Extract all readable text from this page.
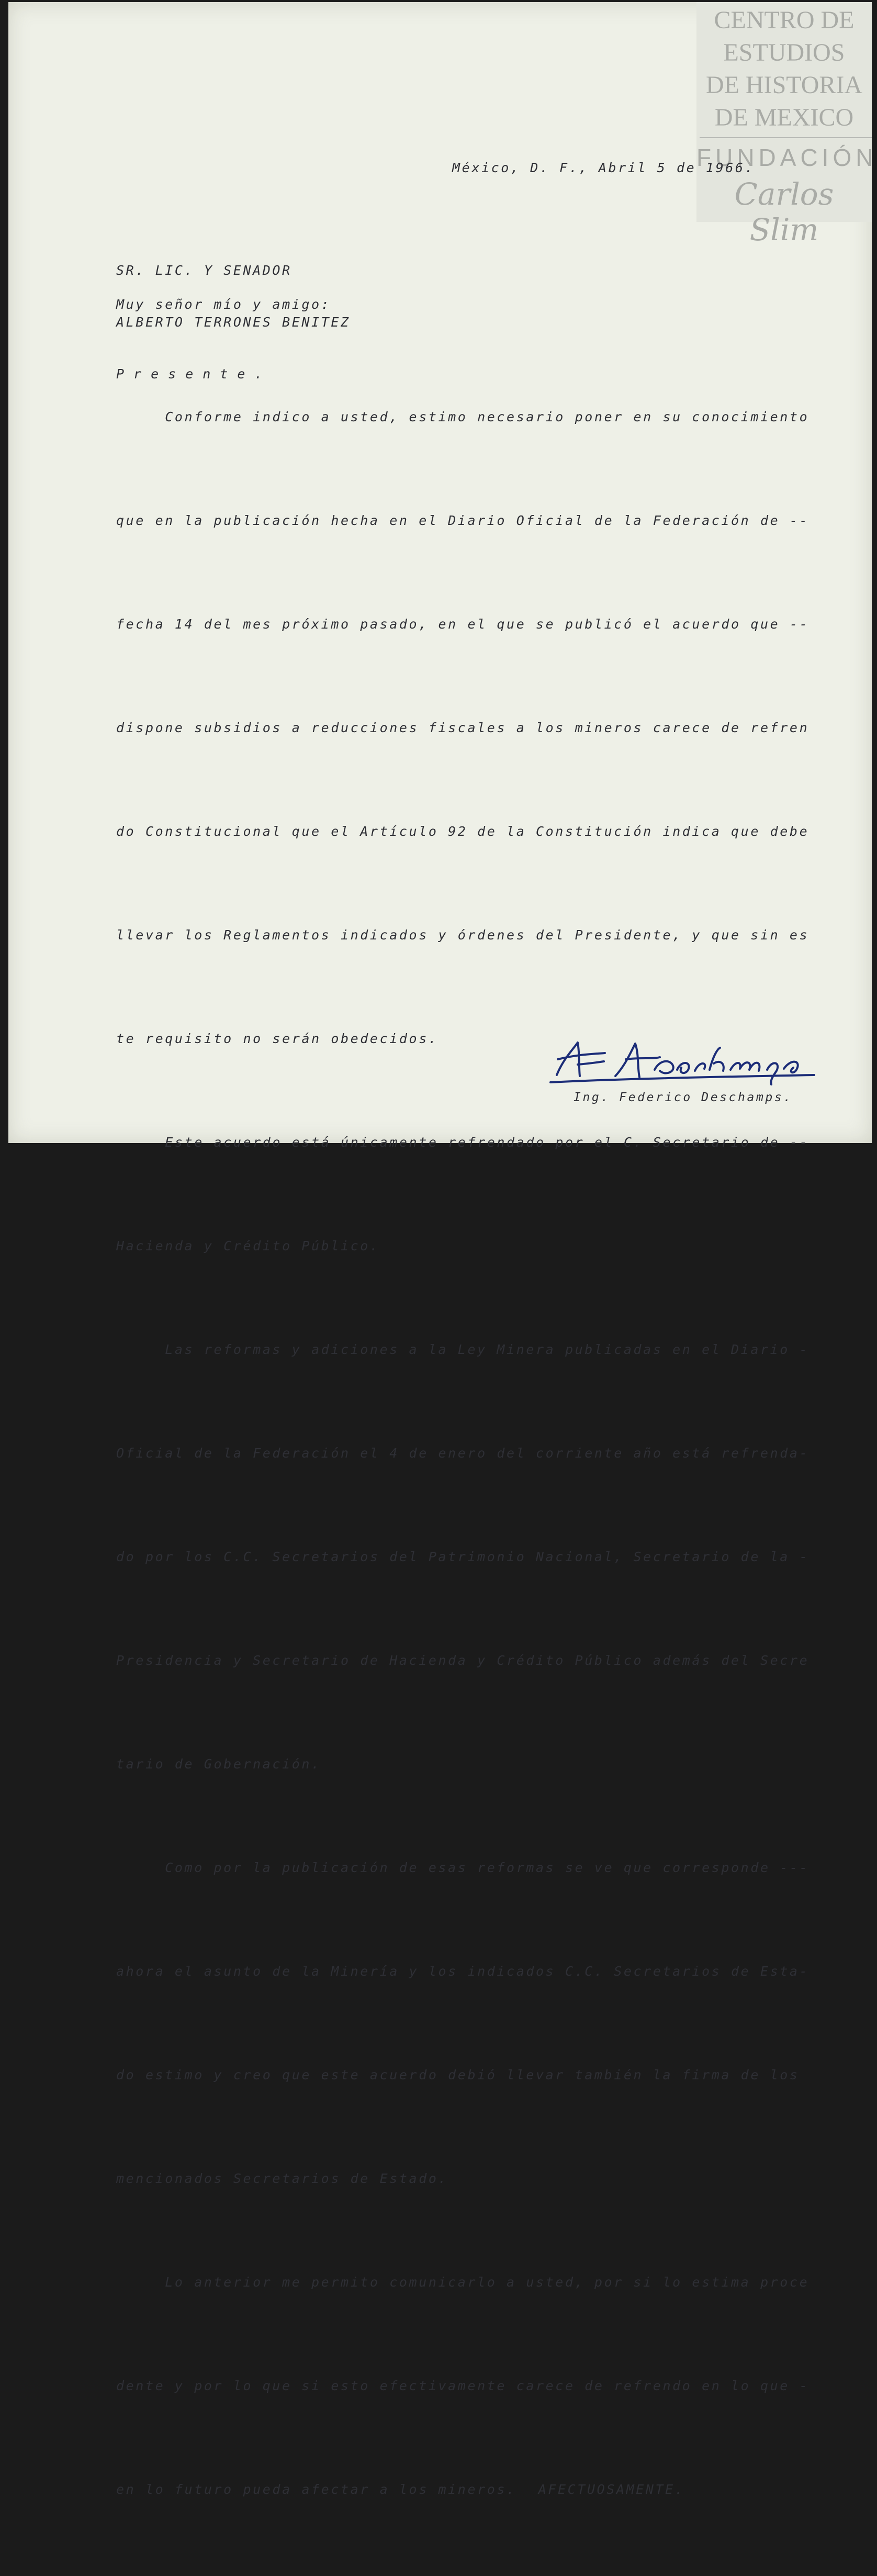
CENTRO DE
ESTUDIOS
DE HISTORIA
DE MEXICO
FUNDACIÓN
Carlos Slim
México, D. F., Abril 5 de 1966.

SR. LIC. Y SENADOR

ALBERTO TERRONES BENITEZ

Presente.

Muy señor mío y amigo:

Conforme indico a usted, estimo necesario poner en su conocimiento

que en la publicación hecha en el Diario Oficial de la Federación de --

fecha 14 del mes próximo pasado, en el que se publicó el acuerdo que --

dispone subsidios a reducciones fiscales a los mineros carece de refren

do Constitucional que el Artículo 92 de la Constitución indica que debe

llevar los Reglamentos indicados y órdenes del Presidente, y que sin es

te requisito no serán obedecidos.

Este acuerdo está únicamente refrendado por el C. Secretario de --

Hacienda y Crédito Público.

Las reformas y adiciones a la Ley Minera publicadas en el Diario -

Oficial de la Federación el 4 de enero del corriente año está refrenda-

do por los C.C. Secretarios del Patrimonio Nacional, Secretario de la -

Presidencia y Secretario de Hacienda y Crédito Público además del Secre

tario de Gobernación.

Como por la publicación de esas reformas se ve que corresponde ---

ahora el asunto de la Minería y los indicados C.C. Secretarios de Esta-

do estimo y creo que este acuerdo debió llevar también la firma de los

mencionados Secretarios de Estado.

Lo anterior me permito comunicarlo a usted, por si lo estima proce

dente y por lo que si esto efectivamente carece de refrendo en lo que -

en lo futuro pueda afectar a los mineros. AFECTUOSAMENTE.

Ing. Federico Deschamps.
